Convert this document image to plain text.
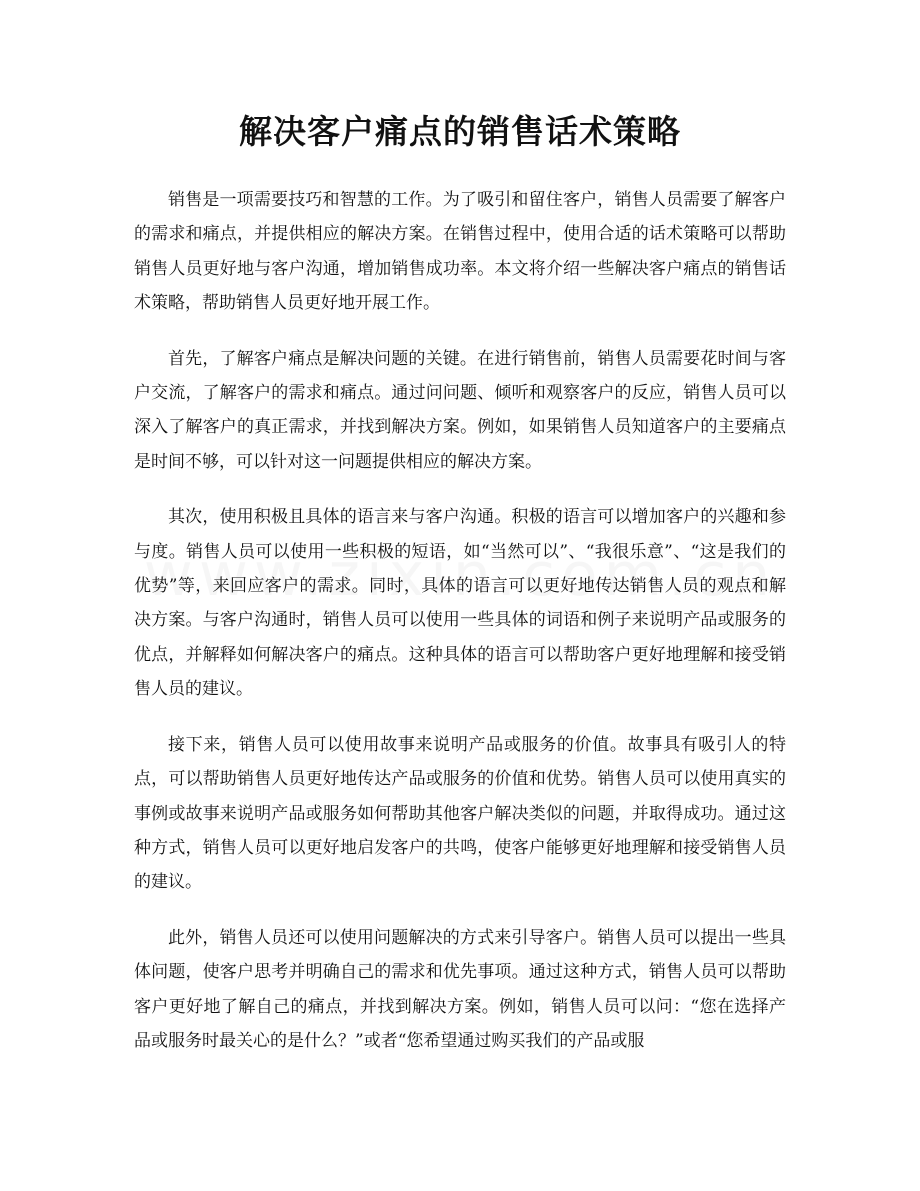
解决客户痛点的销售话术策略

销售是一项需要技巧和智慧的工作。为了吸引和留住客户，销售人员需要了解客户的需求和痛点，并提供相应的解决方案。在销售过程中，使用合适的话术策略可以帮助销售人员更好地与客户沟通，增加销售成功率。本文将介绍一些解决客户痛点的销售话术策略，帮助销售人员更好地开展工作。

首先，了解客户痛点是解决问题的关键。在进行销售前，销售人员需要花时间与客户交流，了解客户的需求和痛点。通过问问题、倾听和观察客户的反应，销售人员可以深入了解客户的真正需求，并找到解决方案。例如，如果销售人员知道客户的主要痛点是时间不够，可以针对这一问题提供相应的解决方案。

其次，使用积极且具体的语言来与客户沟通。积极的语言可以增加客户的兴趣和参与度。销售人员可以使用一些积极的短语，如“当然可以”、“我很乐意”、“这是我们的优势”等，来回应客户的需求。同时，具体的语言可以更好地传达销售人员的观点和解决方案。与客户沟通时，销售人员可以使用一些具体的词语和例子来说明产品或服务的优点，并解释如何解决客户的痛点。这种具体的语言可以帮助客户更好地理解和接受销售人员的建议。

接下来，销售人员可以使用故事来说明产品或服务的价值。故事具有吸引人的特点，可以帮助销售人员更好地传达产品或服务的价值和优势。销售人员可以使用真实的事例或故事来说明产品或服务如何帮助其他客户解决类似的问题，并取得成功。通过这种方式，销售人员可以更好地启发客户的共鸣，使客户能够更好地理解和接受销售人员的建议。

此外，销售人员还可以使用问题解决的方式来引导客户。销售人员可以提出一些具体问题，使客户思考并明确自己的需求和优先事项。通过这种方式，销售人员可以帮助客户更好地了解自己的痛点，并找到解决方案。例如，销售人员可以问：“您在选择产品或服务时最关心的是什么？”或者“您希望通过购买我们的产品或服
